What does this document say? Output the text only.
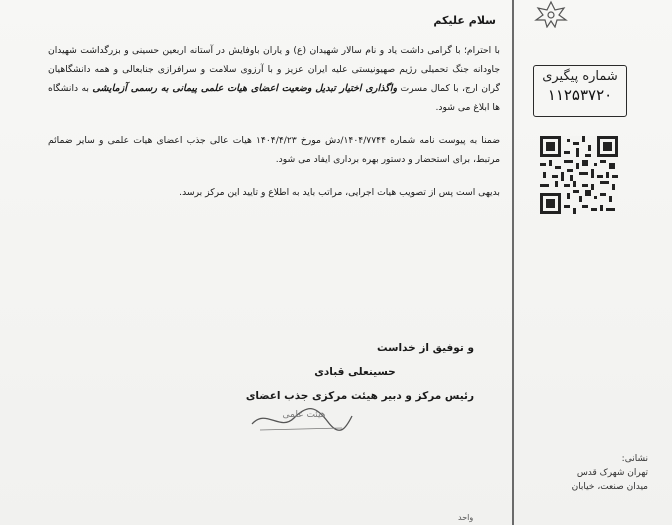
شماره پیگیری
۱۱۲۵۳۷۲۰
سلام علیکم

با احترام؛ با گرامی داشت یاد و نام سالار شهیدان (ع) و یاران باوفایش در آستانه اربعین حسینی و بزرگداشت شهیدان جاودانه جنگ تحمیلی رژیم صهیونیستی علیه ایران عزیز و با آرزوی سلامت و سرافرازی جنابعالی و همه دانشگاهیان گران ارج، با کمال مسرت واگذاری اختیار تبدیل وضعیت اعضای هیات علمی پیمانی به رسمی آزمایشی به دانشگاه ها ابلاغ می شود.

ضمنا به پیوست نامه شماره ۱۴۰۴/۷۷۴۴/دش مورخ ۱۴۰۴/۴/۲۳ هیات عالی جذب اعضای هیات علمی و سایر ضمائم مرتبط، برای استحضار و دستور بهره برداری ایفاد می شود.

بدیهی است پس از تصویب هیات اجرایی، مراتب باید به اطلاع و تایید این مرکز برسد.

و توفیق از خداست
حسینعلی قبادی
رئیس مرکز و دبیر هیئت مرکزی جذب اعضای
هیئت علمی
نشانی:
تهران شهرک قدس
میدان صنعت، خیابان
واحد
